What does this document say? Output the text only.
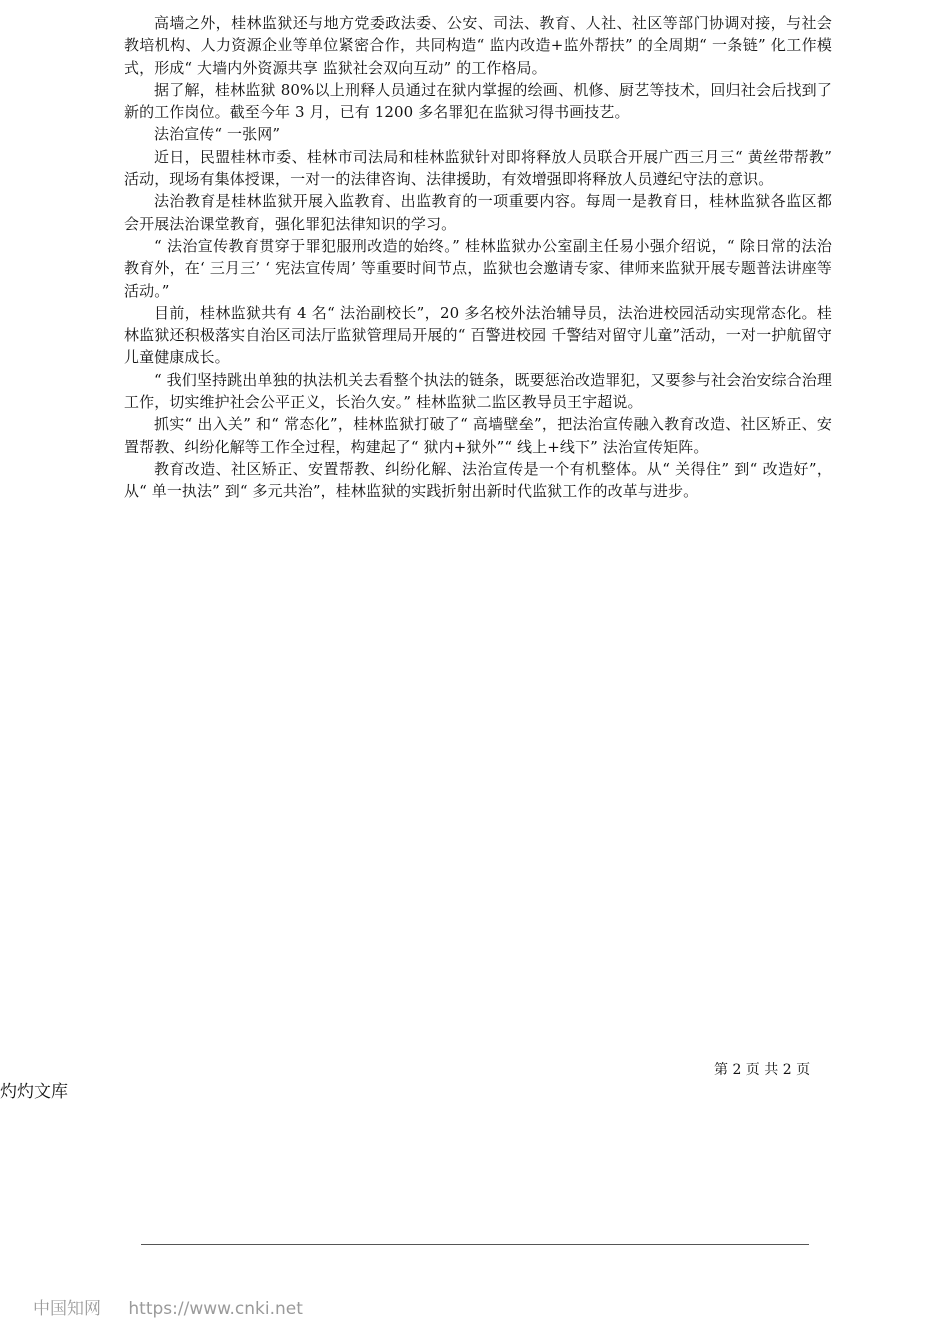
高墙之外，桂林监狱还与地方党委政法委、公安、司法、教育、人社、社区等部门协调对接，与社会教培机构、人力资源企业等单位紧密合作，共同构造“ 监内改造+监外帮扶” 的全周期“ 一条链” 化工作模式，形成“ 大墙内外资源共享 监狱社会双向互动” 的工作格局。

据了解，桂林监狱 80%以上刑释人员通过在狱内掌握的绘画、机修、厨艺等技术，回归社会后找到了新的工作岗位。截至今年 3 月，已有 1200 多名罪犯在监狱习得书画技艺。

法治宣传“ 一张网”

近日，民盟桂林市委、桂林市司法局和桂林监狱针对即将释放人员联合开展广西三月三“ 黄丝带帮教” 活动，现场有集体授课，一对一的法律咨询、法律援助，有效增强即将释放人员遵纪守法的意识。

法治教育是桂林监狱开展入监教育、出监教育的一项重要内容。每周一是教育日，桂林监狱各监区都会开展法治课堂教育，强化罪犯法律知识的学习。

“ 法治宣传教育贯穿于罪犯服刑改造的始终。” 桂林监狱办公室副主任易小强介绍说，“ 除日常的法治教育外，在‘ 三月三’ ‘ 宪法宣传周’ 等重要时间节点，监狱也会邀请专家、律师来监狱开展专题普法讲座等活动。”

目前，桂林监狱共有 4 名“ 法治副校长”，20 多名校外法治辅导员，法治进校园活动实现常态化。桂林监狱还积极落实自治区司法厅监狱管理局开展的“ 百警进校园 千警结对留守儿童”活动，一对一护航留守儿童健康成长。

“ 我们坚持跳出单独的执法机关去看整个执法的链条，既要惩治改造罪犯，又要参与社会治安综合治理工作，切实维护社会公平正义，长治久安。” 桂林监狱二监区教导员王宇超说。

抓实“ 出入关” 和“ 常态化”，桂林监狱打破了“ 高墙壁垒”，把法治宣传融入教育改造、社区矫正、安置帮教、纠纷化解等工作全过程，构建起了“ 狱内+狱外”“ 线上+线下” 法治宣传矩阵。

教育改造、社区矫正、安置帮教、纠纷化解、法治宣传是一个有机整体。从“ 关得住” 到“ 改造好”，从“ 单一执法” 到“ 多元共治”，桂林监狱的实践折射出新时代监狱工作的改革与进步。

第 2 页 共 2 页
灼灼文库
中国知网 https://www.cnki.net
